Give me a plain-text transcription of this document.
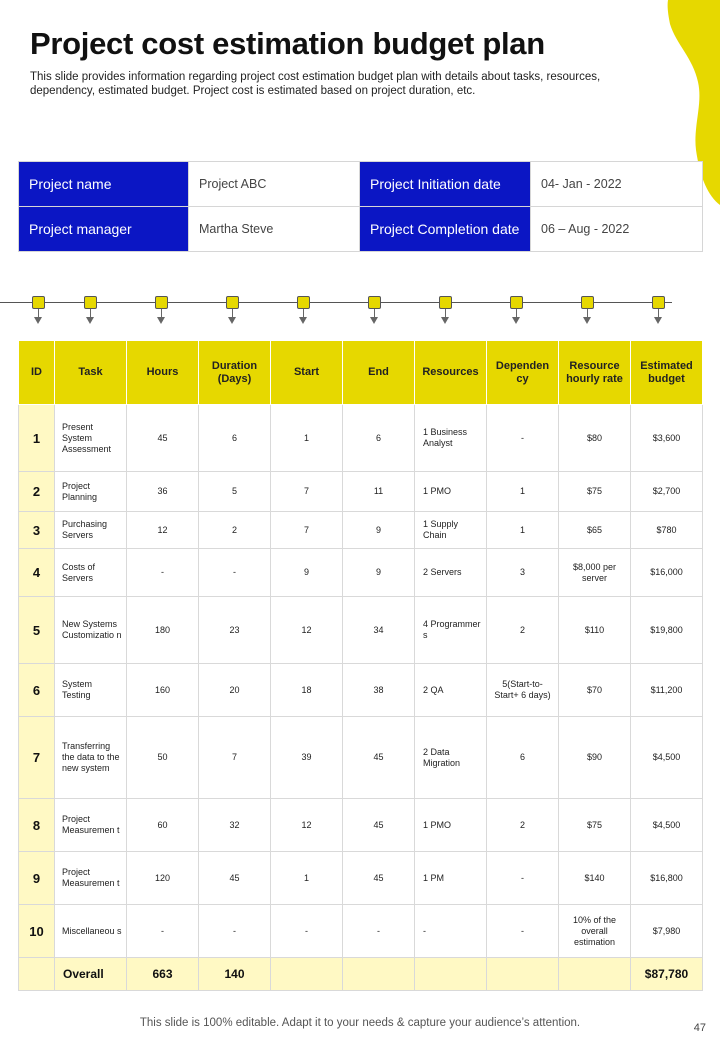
Project cost estimation budget plan
This slide provides information regarding project cost estimation budget plan with details about tasks, resources, dependency, estimated budget. Project cost is estimated based on project duration, etc.
Project name	Project ABC	Project Initiation date	04- Jan - 2022
Project manager	Martha Steve	Project Completion date	06 – Aug - 2022
ID	Task	Hours	Duration (Days)	Start	End	Resources	Dependen cy	Resource hourly rate	Estimated budget
1	Present System Assessment	45	6	1	6	1 Business Analyst	-	$80	$3,600
2	Project Planning	36	5	7	11	1 PMO	1	$75	$2,700
3	Purchasing Servers	12	2	7	9	1 Supply Chain	1	$65	$780
4	Costs of Servers	-	-	9	9	2 Servers	3	$8,000 per server	$16,000
5	New Systems Customizatio n	180	23	12	34	4 Programmer s	2	$110	$19,800
6	System Testing	160	20	18	38	2 QA	5(Start-to-Start+ 6 days)	$70	$11,200
7	Transferring the data to the new system	50	7	39	45	2 Data Migration	6	$90	$4,500
8	Project Measuremen t	60	32	12	45	1 PMO	2	$75	$4,500
9	Project Measuremen t	120	45	1	45	1 PM	-	$140	$16,800
10	Miscellaneou s	-	-	-	-	-	-	10% of the overall estimation	$7,980
	Overall	663	140						$87,780
This slide is 100% editable. Adapt it to your needs & capture your audience’s attention.	47
